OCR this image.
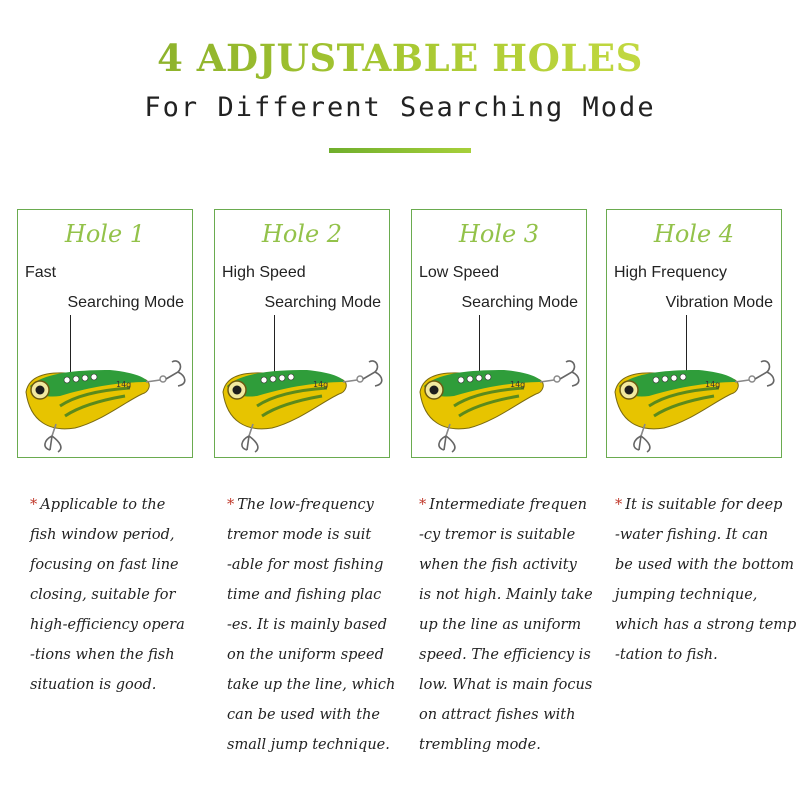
4 ADJUSTABLE HOLES
For Different Searching Mode
Hole 1
Fast
Searching Mode
14g
Hole 2
High Speed
Searching Mode
14g
Hole 3
Low Speed
Searching Mode
14g
Hole 4
High Frequency
Vibration Mode
14g
* Applicable to the
fish window period,
focusing on fast line
closing, suitable for
high-efficiency opera
-tions when the fish
situation is good.
* The low-frequency
tremor mode is suit
-able for most fishing
time and fishing plac
-es. It is mainly based
on the uniform speed
take up the line, which
can be used with the
small jump technique.
* Intermediate frequen
-cy tremor is suitable
when the fish activity
is not high. Mainly take
up the line as uniform
speed. The efficiency is
low. What is main focus
on attract fishes with
trembling mode.
* It is suitable for deep
-water fishing. It can
be used with the bottom
jumping technique,
which has a strong temp
-tation to fish.
